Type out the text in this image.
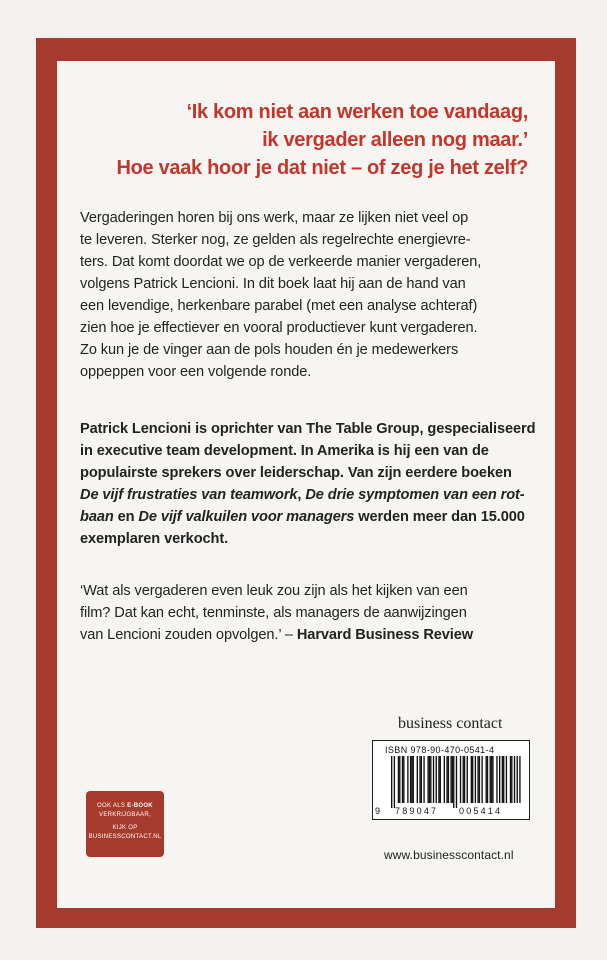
‘Ik kom niet aan werken toe vandaag,
ik vergader alleen nog maar.’
Hoe vaak hoor je dat niet – of zeg je het zelf?
Vergaderingen horen bij ons werk, maar ze lijken niet veel op
te leveren. Sterker nog, ze gelden als regelrechte energievre-
ters. Dat komt doordat we op de verkeerde manier vergaderen,
volgens Patrick Lencioni. In dit boek laat hij aan de hand van
een levendige, herkenbare parabel (met een analyse achteraf)
zien hoe je effectiever en vooral productiever kunt vergaderen.
Zo kun je de vinger aan de pols houden én je medewerkers
oppeppen voor een volgende ronde.
Patrick Lencioni is oprichter van The Table Group, gespecialiseerd
in executive team development. In Amerika is hij een van de
populairste sprekers over leiderschap. Van zijn eerdere boeken
De vijf frustraties van teamwork, De drie symptomen van een rot-
baan en De vijf valkuilen voor managers werden meer dan 15.000
exemplaren verkocht.
‘Wat als vergaderen even leuk zou zijn als het kijken van een
film? Dat kan echt, tenminste, als managers de aanwijzingen
van Lencioni zouden opvolgen.’ – Harvard Business Review
business contact
ISBN 978-90-470-0541-4
9 789047 005414
www.businesscontact.nl
OOK ALS E-BOOK
VERKRIJGBAAR,
KIJK OP
BUSINESSCONTACT.NL
